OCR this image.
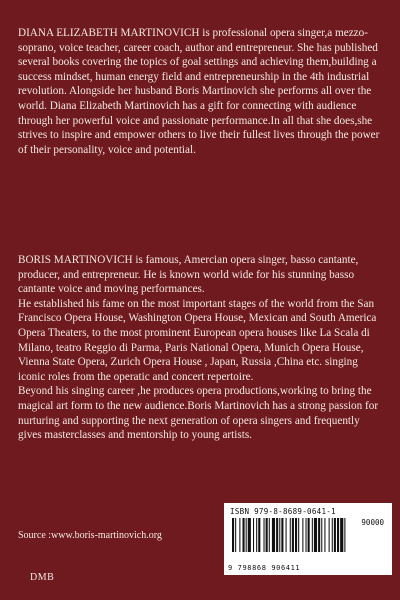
DIANA ELIZABETH MARTINOVICH is professional opera singer,a mezzo-soprano, voice teacher, career coach, author and entrepreneur. She has published several books covering the topics of goal settings and achieving them,building a success mindset, human energy field and entrepreneurship in the 4th industrial revolution. Alongside her husband Boris Martinovich she performs all over the world. Diana Elizabeth Martinovich has a gift for connecting with audience through her powerful voice and passionate performance.In all that she does,she strives to inspire and empower others to live their fullest lives through the power of their personality, voice and potential.

BORIS MARTINOVICH is famous, Amercian opera singer, basso cantante, producer, and entrepreneur. He is known world wide for his stunning basso cantante voice and moving performances.
He established his fame on the most important stages of the world from the San Francisco Opera House, Washington Opera House, Mexican and South America Opera Theaters, to the most prominent European opera houses like La Scala di Milano, teatro Reggio di Parma, Paris National Opera, Munich Opera House, Vienna State Opera, Zurich Opera House , Japan, Russia ,China etc. singing iconic roles from the operatic and concert repertoire.
Beyond his singing career ,he produces opera productions,working to bring the magical art form to the new audience.Boris Martinovich has a strong passion for nurturing and supporting the next generation of opera singers and frequently gives masterclasses and mentorship to young artists.

Source :www.boris-martinovich.org

DMB

ISBN 979-8-8689-0641-1
90000
9 798868 906411
